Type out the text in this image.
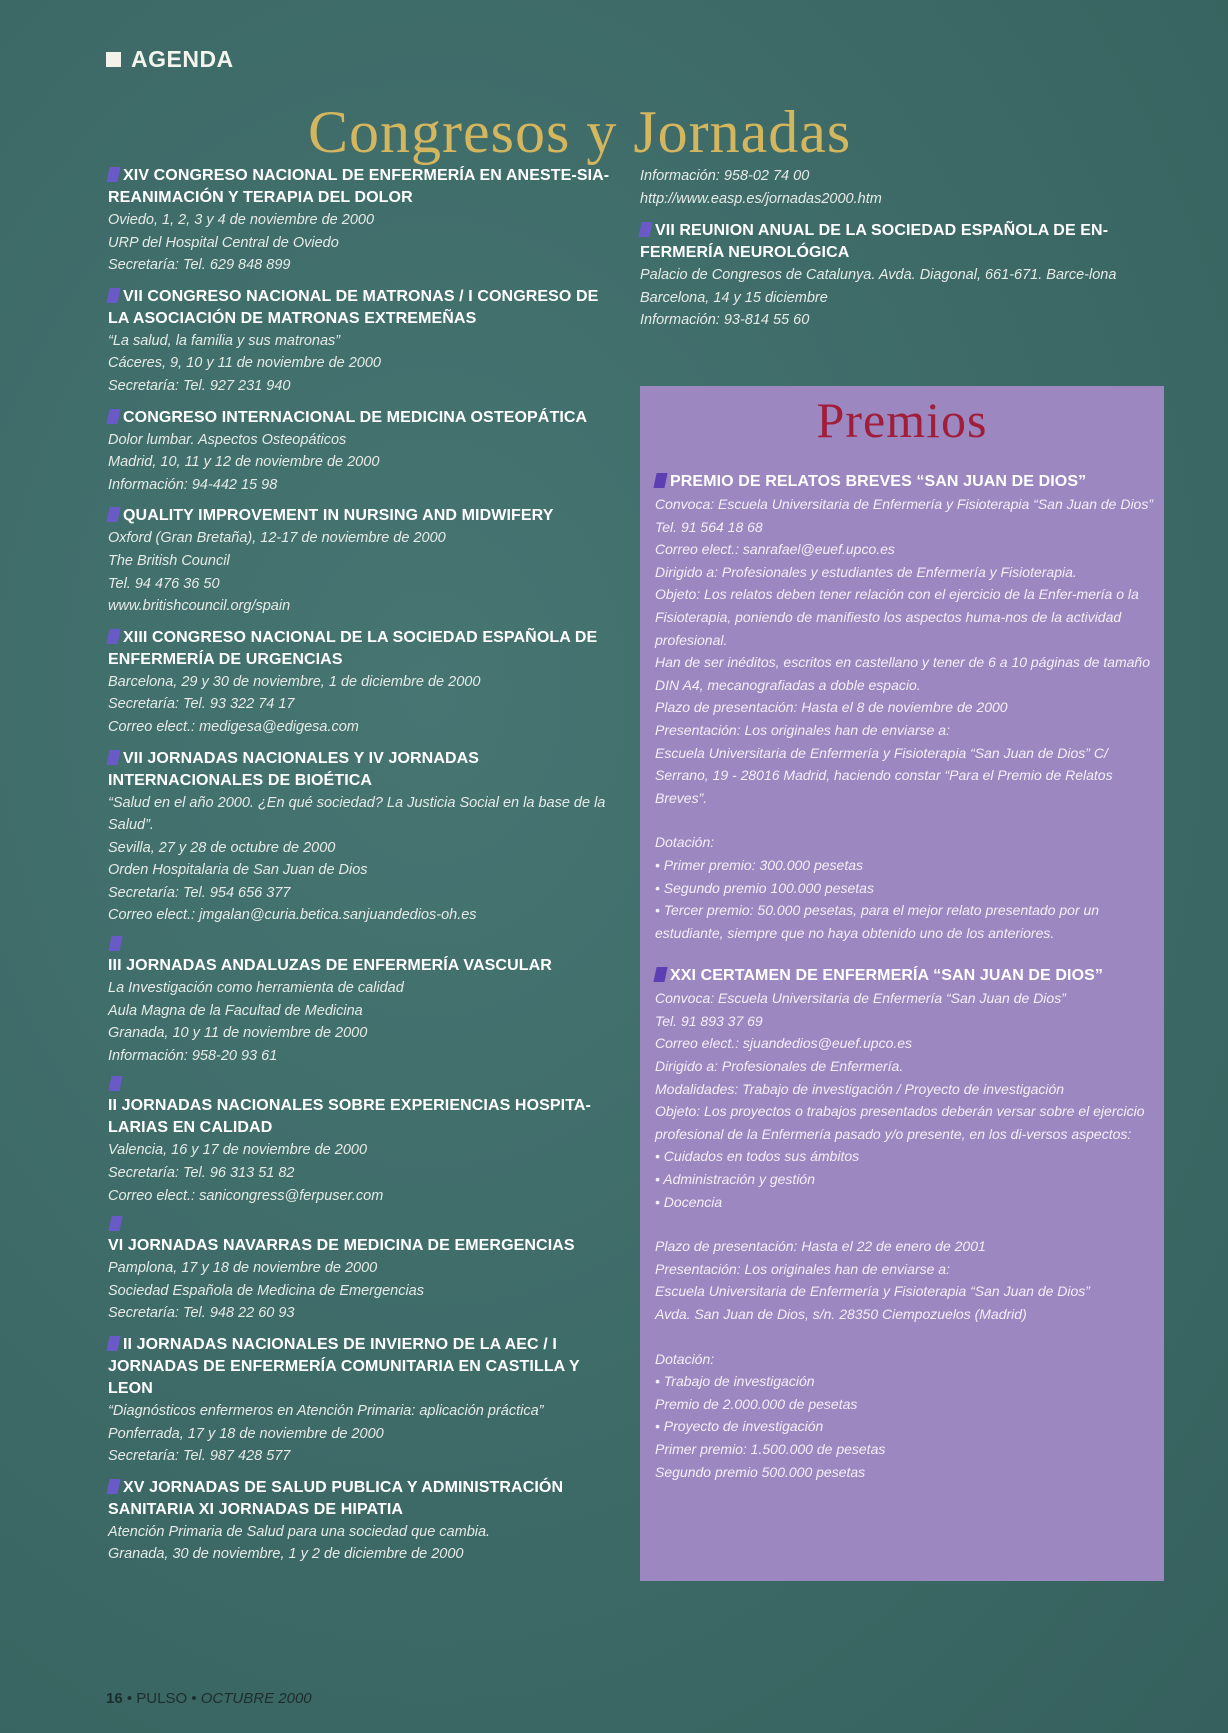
AGENDA
Congresos y Jornadas
XIV CONGRESO NACIONAL DE ENFERMERÍA EN ANESTE-SIA-REANIMACIÓN Y TERAPIA DEL DOLOR
Oviedo, 1, 2, 3 y 4 de noviembre de 2000
URP del Hospital Central de Oviedo
Secretaría: Tel. 629 848 899
VII CONGRESO NACIONAL DE MATRONAS / I CONGRESO DE LA ASOCIACIÓN DE MATRONAS EXTREMEÑAS
“La salud, la familia y sus matronas”
Cáceres, 9, 10 y 11 de noviembre de 2000
Secretaría: Tel. 927 231 940
CONGRESO INTERNACIONAL DE MEDICINA OSTEOPÁTICA
Dolor lumbar. Aspectos Osteopáticos
Madrid, 10, 11 y 12 de noviembre de 2000
Información: 94-442 15 98
QUALITY IMPROVEMENT IN NURSING AND MIDWIFERY
Oxford (Gran Bretaña), 12-17 de noviembre de 2000
The British Council
Tel. 94 476 36 50
www.britishcouncil.org/spain
XIII CONGRESO NACIONAL DE LA SOCIEDAD ESPAÑOLA DE ENFERMERÍA DE URGENCIAS
Barcelona, 29 y 30 de noviembre, 1 de diciembre de 2000
Secretaría: Tel. 93 322 74 17
Correo elect.: medigesa@edigesa.com
VII JORNADAS NACIONALES Y IV JORNADAS INTERNACIONALES DE BIOÉTICA
“Salud en el año 2000. ¿En qué sociedad? La Justicia Social en la base de la Salud”.
Sevilla, 27 y 28 de octubre de 2000
Orden Hospitalaria de San Juan de Dios
Secretaría: Tel. 954 656 377
Correo elect.: jmgalan@curia.betica.sanjuandedios-oh.es
III JORNADAS ANDALUZAS DE ENFERMERÍA VASCULAR
La Investigación como herramienta de calidad
Aula Magna de la Facultad de Medicina
Granada, 10 y 11 de noviembre de 2000
Información: 958-20 93 61
II JORNADAS NACIONALES SOBRE EXPERIENCIAS HOSPITA-LARIAS EN CALIDAD
Valencia, 16 y 17 de noviembre de 2000
Secretaría: Tel. 96 313 51 82
Correo elect.: sanicongress@ferpuser.com
VI JORNADAS NAVARRAS DE MEDICINA DE EMERGENCIAS
Pamplona, 17 y 18 de noviembre de 2000
Sociedad Española de Medicina de Emergencias
Secretaría: Tel. 948 22 60 93
II JORNADAS NACIONALES DE INVIERNO DE LA AEC / I JORNADAS DE ENFERMERÍA COMUNITARIA EN CASTILLA Y LEON
“Diagnósticos enfermeros en Atención Primaria: aplicación práctica”
Ponferrada, 17 y 18 de noviembre de 2000
Secretaría: Tel. 987 428 577
XV JORNADAS DE SALUD PUBLICA Y ADMINISTRACIÓN SANITARIA XI JORNADAS DE HIPATIA
Atención Primaria de Salud para una sociedad que cambia.
Granada, 30 de noviembre, 1 y 2 de diciembre de 2000
Información: 958-02 74 00
http://www.easp.es/jornadas2000.htm
VII REUNION ANUAL DE LA SOCIEDAD ESPAÑOLA DE EN-FERMERÍA NEUROLÓGICA
Palacio de Congresos de Catalunya. Avda. Diagonal, 661-671. Barce-lona
Barcelona, 14 y 15 diciembre
Información: 93-814 55 60
Premios
PREMIO DE RELATOS BREVES “SAN JUAN DE DIOS”
Convoca: Escuela Universitaria de Enfermería y Fisioterapia “San Juan de Dios”
Tel. 91 564 18 68
Correo elect.: sanrafael@euef.upco.es
Dirigido a: Profesionales y estudiantes de Enfermería y Fisioterapia.
Objeto: Los relatos deben tener relación con el ejercicio de la Enfer-mería o la Fisioterapia, poniendo de manifiesto los aspectos huma-nos de la actividad profesional.
Han de ser inéditos, escritos en castellano y tener de 6 a 10 páginas de tamaño DIN A4, mecanografiadas a doble espacio.
Plazo de presentación: Hasta el 8 de noviembre de 2000
Presentación: Los originales han de enviarse a:
Escuela Universitaria de Enfermería y Fisioterapia “San Juan de Dios” C/ Serrano, 19 - 28016 Madrid, haciendo constar “Para el Premio de Relatos Breves”.
Dotación:
• Primer premio: 300.000 pesetas
• Segundo premio 100.000 pesetas
• Tercer premio: 50.000 pesetas, para el mejor relato presentado por un estudiante, siempre que no haya obtenido uno de los anteriores.
XXI CERTAMEN DE ENFERMERÍA “SAN JUAN DE DIOS”
Convoca: Escuela Universitaria de Enfermería “San Juan de Dios”
Tel. 91 893 37 69
Correo elect.: sjuandedios@euef.upco.es
Dirigido a: Profesionales de Enfermería.
Modalidades: Trabajo de investigación / Proyecto de investigación
Objeto: Los proyectos o trabajos presentados deberán versar sobre el ejercicio profesional de la Enfermería pasado y/o presente, en los di-versos aspectos:
• Cuidados en todos sus ámbitos
• Administración y gestión
• Docencia
Plazo de presentación: Hasta el 22 de enero de 2001
Presentación: Los originales han de enviarse a:
Escuela Universitaria de Enfermería y Fisioterapia “San Juan de Dios”
Avda. San Juan de Dios, s/n. 28350 Ciempozuelos (Madrid)
Dotación:
• Trabajo de investigación
Premio de 2.000.000 de pesetas
• Proyecto de investigación
Primer premio: 1.500.000 de pesetas
Segundo premio 500.000 pesetas
16 • PULSO • OCTUBRE 2000
